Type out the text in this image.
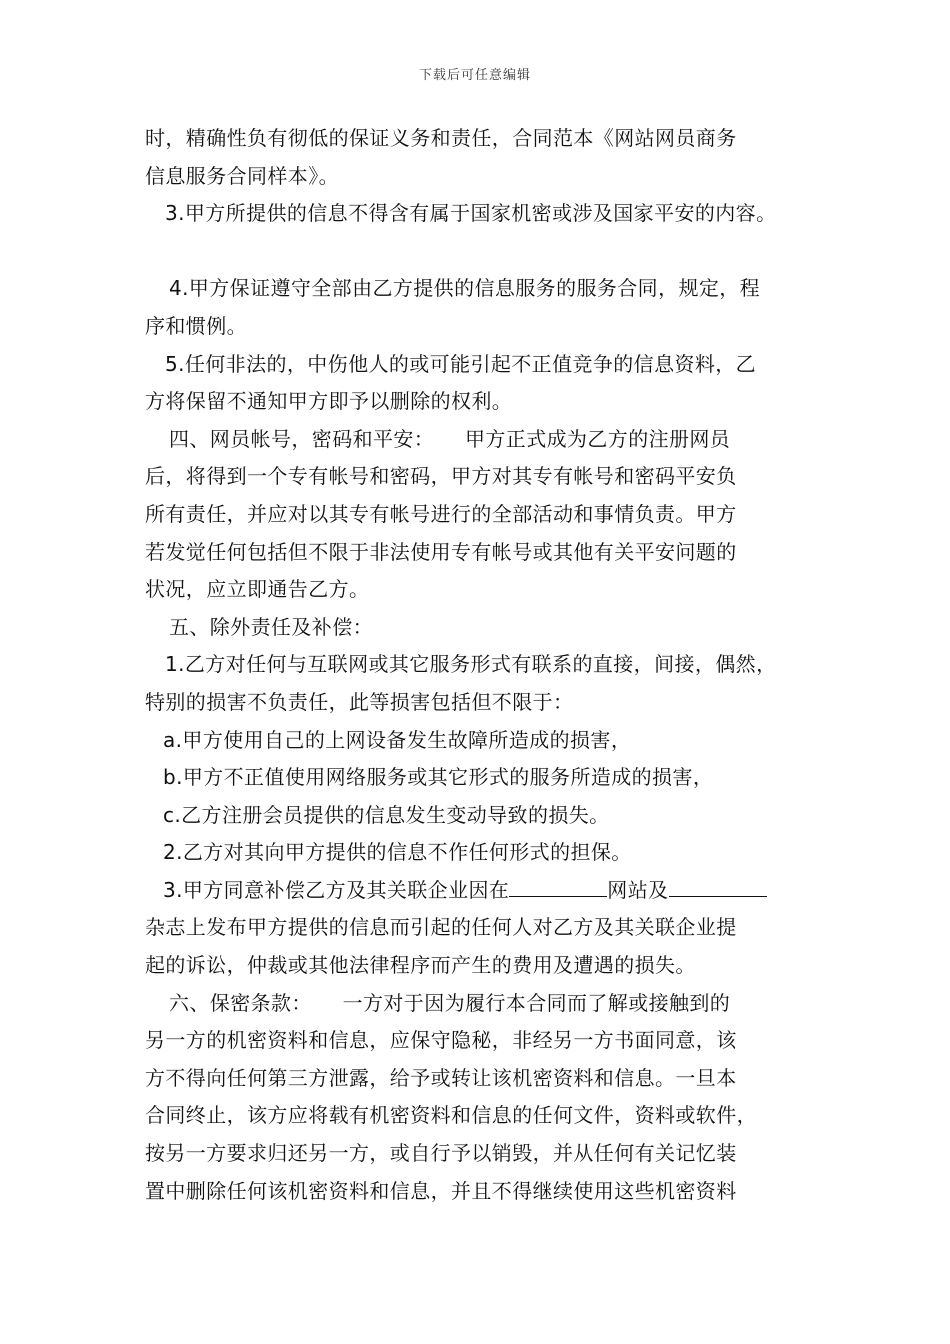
下载后可任意编辑
时，精确性负有彻低的保证义务和责任，合同范本《网站网员商务
信息服务合同样本》。
3.甲方所提供的信息不得含有属于国家机密或涉及国家平安的内容。
4.甲方保证遵守全部由乙方提供的信息服务的服务合同，规定，程
序和惯例。
5.任何非法的，中伤他人的或可能引起不正值竞争的信息资料，乙
方将保留不通知甲方即予以删除的权利。
四、网员帐号，密码和平安：　　甲方正式成为乙方的注册网员
后，将得到一个专有帐号和密码，甲方对其专有帐号和密码平安负
所有责任，并应对以其专有帐号进行的全部活动和事情负责。甲方
若发觉任何包括但不限于非法使用专有帐号或其他有关平安问题的
状况，应立即通告乙方。
五、除外责任及补偿：
1.乙方对任何与互联网或其它服务形式有联系的直接，间接，偶然，
特别的损害不负责任，此等损害包括但不限于：
a.甲方使用自己的上网设备发生故障所造成的损害，
b.甲方不正值使用网络服务或其它形式的服务所造成的损害，
c.乙方注册会员提供的信息发生变动导致的损失。
2.乙方对其向甲方提供的信息不作任何形式的担保。
3.甲方同意补偿乙方及其关联企业因在	网站及
杂志上发布甲方提供的信息而引起的任何人对乙方及其关联企业提
起的诉讼，仲裁或其他法律程序而产生的费用及遭遇的损失。
六、保密条款：　　一方对于因为履行本合同而了解或接触到的
另一方的机密资料和信息，应保守隐秘，非经另一方书面同意，该
方不得向任何第三方泄露，给予或转让该机密资料和信息。一旦本
合同终止，该方应将载有机密资料和信息的任何文件，资料或软件，
按另一方要求归还另一方，或自行予以销毁，并从任何有关记忆装
置中删除任何该机密资料和信息，并且不得继续使用这些机密资料
